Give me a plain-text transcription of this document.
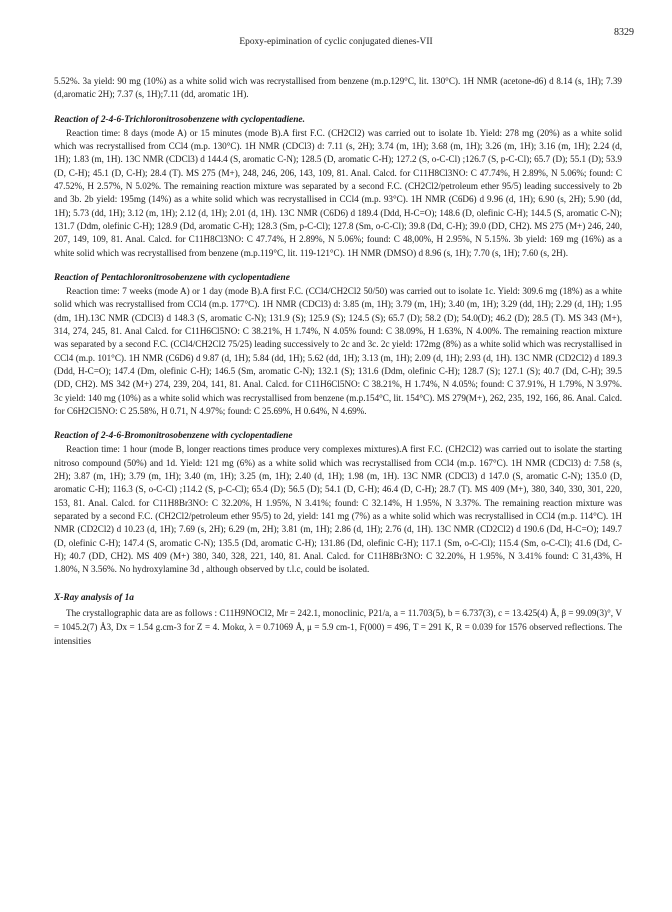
Epoxy-epimination of cyclic conjugated dienes-VII
8329

5.52%. 3a yield: 90 mg (10%) as a white solid wich was recrystallised from benzene (m.p.129°C, lit. 130°C). 1H NMR (acetone-d6) d 8.14 (s, 1H); 7.39 (d,aromatic 2H); 7.37 (s, 1H);7.11 (dd, aromatic 1H).

Reaction of 2-4-6-Trichloronitrosobenzene with cyclopentadiene.

Reaction time: 8 days (mode A) or 15 minutes (mode B).A first F.C. (CH2Cl2) was carried out to isolate 1b. Yield: 278 mg (20%) as a white solid which was recrystallised from CCl4 (m.p. 130°C). 1H NMR (CDCl3) d: 7.11 (s, 2H); 3.74 (m, 1H); 3.68 (m, 1H); 3.26 (m, 1H); 3.16 (m, 1H); 2.24 (d, 1H); 1.83 (m, 1H). 13C NMR (CDCl3) d 144.4 (S, aromatic C-N); 128.5 (D, aromatic C-H); 127.2 (S, o-C-Cl) ;126.7 (S, p-C-Cl); 65.7 (D); 55.1 (D); 53.9 (D, C-H); 45.1 (D, C-H); 28.4 (T). MS 275 (M+), 248, 246, 206, 143, 109, 81. Anal. Calcd. for C11H8Cl3NO: C 47.74%, H 2.89%, N 5.06%; found: C 47.52%, H 2.57%, N 5.02%. The remaining reaction mixture was separated by a second F.C. (CH2Cl2/petroleum ether 95/5) leading successively to 2b and 3b. 2b yield: 195mg (14%) as a white solid which was recrystallised in CCl4 (m.p. 93°C). 1H NMR (C6D6) d 9.96 (d, 1H); 6.90 (s, 2H); 5.90 (dd, 1H); 5.73 (dd, 1H); 3.12 (m, 1H); 2.12 (d, 1H); 2.01 (d, 1H). 13C NMR (C6D6) d 189.4 (Ddd, H-C=O); 148.6 (D, olefinic C-H); 144.5 (S, aromatic C-N); 131.7 (Ddm, olefinic C-H); 128.9 (Dd, aromatic C-H); 128.3 (Sm, p-C-Cl); 127.8 (Sm, o-C-Cl); 39.8 (Dd, C-H); 39.0 (DD, CH2). MS 275 (M+) 246, 240, 207, 149, 109, 81. Anal. Calcd. for C11H8Cl3NO: C 47.74%, H 2.89%, N 5.06%; found: C 48,00%, H 2.95%, N 5.15%. 3b yield: 169 mg (16%) as a white solid which was recrystallised from benzene (m.p.119°C, lit. 119-121°C). 1H NMR (DMSO) d 8.96 (s, 1H); 7.70 (s, 1H); 7.60 (s, 2H).

Reaction of Pentachloronitrosobenzene with cyclopentadiene

Reaction time: 7 weeks (mode A) or 1 day (mode B).A first F.C. (CCl4/CH2Cl2 50/50) was carried out to isolate 1c. Yield: 309.6 mg (18%) as a white solid which was recrystallised from CCl4 (m.p. 177°C). 1H NMR (CDCl3) d: 3.85 (m, 1H); 3.79 (m, 1H); 3.40 (m, 1H); 3.29 (dd, 1H); 2.29 (d, 1H); 1.95 (dm, 1H).13C NMR (CDCl3) d 148.3 (S, aromatic C-N); 131.9 (S); 125.9 (S); 124.5 (S); 65.7 (D); 58.2 (D); 54.0(D); 46.2 (D); 28.5 (T). MS 343 (M+), 314, 274, 245, 81. Anal Calcd. for C11H6Cl5NO: C 38.21%, H 1.74%, N 4.05% found: C 38.09%, H 1.63%, N 4.00%. The remaining reaction mixture was separated by a second F.C. (CCl4/CH2Cl2 75/25) leading successively to 2c and 3c. 2c yield: 172mg (8%) as a white solid which was recrystallised in CCl4 (m.p. 101°C). 1H NMR (C6D6) d 9.87 (d, 1H); 5.84 (dd, 1H); 5.62 (dd, 1H); 3.13 (m, 1H); 2.09 (d, 1H); 2.93 (d, 1H). 13C NMR (CD2Cl2) d 189.3 (Ddd, H-C=O); 147.4 (Dm, olefinic C-H); 146.5 (Sm, aromatic C-N); 132.1 (S); 131.6 (Ddm, olefinic C-H); 128.7 (S); 127.1 (S); 40.7 (Dd, C-H); 39.5 (DD, CH2). MS 342 (M+) 274, 239, 204, 141, 81. Anal. Calcd. for C11H6Cl5NO: C 38.21%, H 1.74%, N 4.05%; found: C 37.91%, H 1.79%, N 3.97%. 3c yield: 140 mg (10%) as a white solid which was recrystallised from benzene (m.p.154°C, lit. 154°C). MS 279(M+), 262, 235, 192, 166, 86. Anal. Calcd. for C6H2Cl5NO: C 25.58%, H 0.71, N 4.97%; found: C 25.69%, H 0.64%, N 4.69%.

Reaction of 2-4-6-Bromonitrosobenzene with cyclopentadiene

Reaction time: 1 hour (mode B, longer reactions times produce very complexes mixtures).A first F.C. (CH2Cl2) was carried out to isolate the starting nitroso compound (50%) and 1d. Yield: 121 mg (6%) as a white solid which was recrystallised from CCl4 (m.p. 167°C). 1H NMR (CDCl3) d: 7.58 (s, 2H); 3.87 (m, 1H); 3.79 (m, 1H); 3.40 (m, 1H); 3.25 (m, 1H); 2.40 (d, 1H); 1.98 (m, 1H). 13C NMR (CDCl3) d 147.0 (S, aromatic C-N); 135.0 (D, aromatic C-H); 116.3 (S, o-C-Cl) ;114.2 (S, p-C-Cl); 65.4 (D); 56.5 (D); 54.1 (D, C-H); 46.4 (D, C-H); 28.7 (T). MS 409 (M+), 380, 340, 330, 301, 220, 153, 81. Anal. Calcd. for C11H8Br3NO: C 32.20%, H 1.95%, N 3.41%; found: C 32.14%, H 1.95%, N 3.37%. The remaining reaction mixture was separated by a second F.C. (CH2Cl2/petroleum ether 95/5) to 2d, yield: 141 mg (7%) as a white solid which was recrystallised in CCl4 (m.p. 114°C). 1H NMR (CD2Cl2) d 10.23 (d, 1H); 7.69 (s, 2H); 6.29 (m, 2H); 3.81 (m, 1H); 2.86 (d, 1H); 2.76 (d, 1H). 13C NMR (CD2Cl2) d 190.6 (Dd, H-C=O); 149.7 (D, olefinic C-H); 147.4 (S, aromatic C-N); 135.5 (Dd, aromatic C-H); 131.86 (Dd, olefinic C-H); 117.1 (Sm, o-C-Cl); 115.4 (Sm, o-C-Cl); 41.6 (Dd, C-H); 40.7 (DD, CH2). MS 409 (M+) 380, 340, 328, 221, 140, 81. Anal. Calcd. for C11H8Br3NO: C 32.20%, H 1.95%, N 3.41% found: C 31,43%, H 1.80%, N 3.56%. No hydroxylamine 3d , although observed by t.l.c, could be isolated.

X-Ray analysis of 1a

The crystallographic data are as follows : C11H9NOCl2, Mr = 242.1, monoclinic, P21/a, a = 11.703(5), b = 6.737(3), c = 13.425(4) Å, β = 99.09(3)°, V = 1045.2(7) Å3, Dx = 1.54 g.cm-3 for Z = 4. Mokα, λ = 0.71069 Å, μ = 5.9 cm-1, F(000) = 496, T = 291 K, R = 0.039 for 1576 observed reflections. The intensities
